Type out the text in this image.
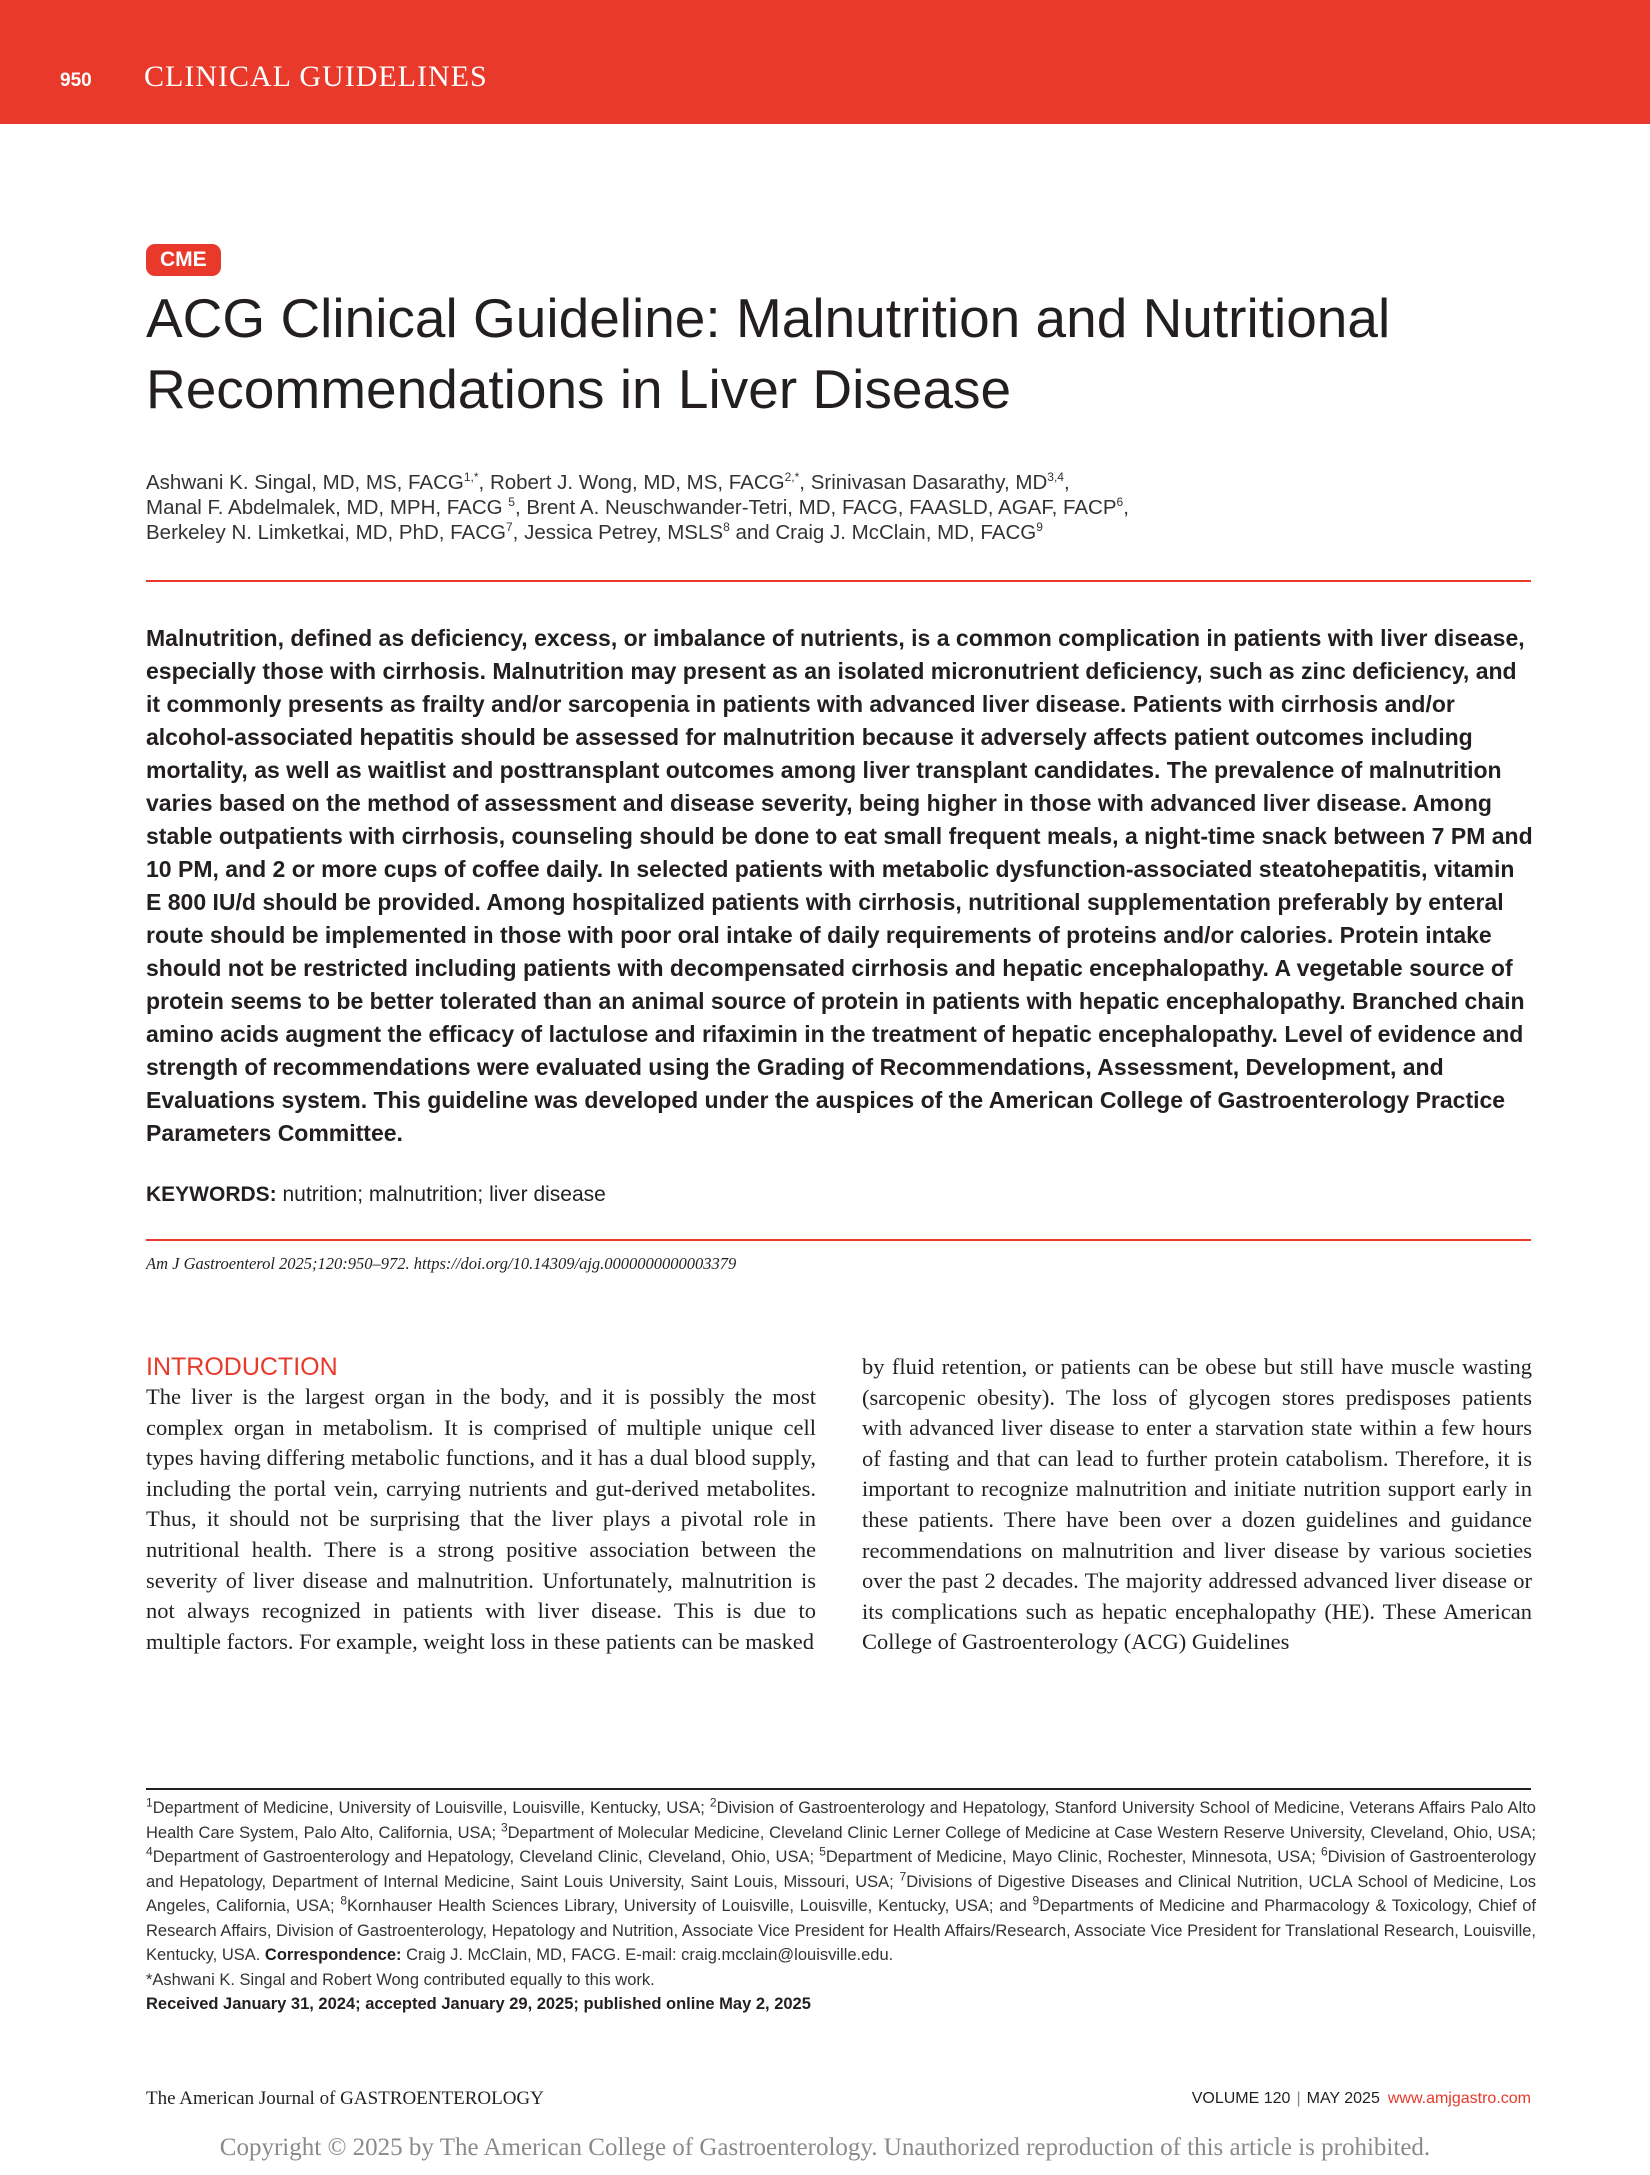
950 CLINICAL GUIDELINES
CME
ACG Clinical Guideline: Malnutrition and Nutritional
Recommendations in Liver Disease
Ashwani K. Singal, MD, MS, $FACG^{1,*}$, Robert J. Wong, MD, MS, $FACG^{2,*}$, Srinivasan Dasarathy, MD$^{3,4}$,
Manal F. Abdelmalek, MD, MPH, FACG $^5$, Brent A. Neuschwander-Tetri, MD, FACG, FAASLD, AGAF, FACP$^6$,
Berkeley N. Limketkai, MD, PhD, FACG$^7$, Jessica Petrey, MSLS$^8$ and Craig J. McClain, MD, FACG$^9$

Malnutrition, defined as deficiency, excess, or imbalance of nutrients, is a common complication in patients with liver disease, especially those with cirrhosis. Malnutrition may present as an isolated micronutrient deficiency, such as zinc deficiency, and it commonly presents as frailty and/or sarcopenia in patients with advanced liver disease. Patients with cirrhosis and/or alcohol-associated hepatitis should be assessed for malnutrition because it adversely affects patient outcomes including mortality, as well as waitlist and posttransplant outcomes among liver transplant candidates. The prevalence of malnutrition varies based on the method of assessment and disease severity, being higher in those with advanced liver disease. Among stable outpatients with cirrhosis, counseling should be done to eat small frequent meals, a night-time snack between 7 PM and 10 PM, and 2 or more cups of coffee daily. In selected patients with metabolic dysfunction-associated steatohepatitis, vitamin E 800 IU/d should be provided. Among hospitalized patients with cirrhosis, nutritional supplementation preferably by enteral route should be implemented in those with poor oral intake of daily requirements of proteins and/or calories. Protein intake should not be restricted including patients with decompensated cirrhosis and hepatic encephalopathy. A vegetable source of protein seems to be better tolerated than an animal source of protein in patients with hepatic encephalopathy. Branched chain amino acids augment the efficacy of lactulose and rifaximin in the treatment of hepatic encephalopathy. Level of evidence and strength of recommendations were evaluated using the Grading of Recommendations, Assessment, Development, and Evaluations system. This guideline was developed under the auspices of the American College of Gastroenterology Practice Parameters Committee.

KEYWORDS: nutrition; malnutrition; liver disease
Am J Gastroenterol 2025;120:950–972. https://doi.org/10.14309/ajg.0000000000003379
INTRODUCTION
The liver is the largest organ in the body, and it is possibly the most complex organ in metabolism. It is comprised of multiple unique cell types having differing metabolic functions, and it has a dual blood supply, including the portal vein, carrying nutrients and gut-derived metabolites. Thus, it should not be surprising that the liver plays a pivotal role in nutritional health. There is a strong positive association between the severity of liver disease and malnutrition. Unfortunately, malnutrition is not always recognized in patients with liver disease. This is due to multiple factors. For example, weight loss in these patients can be masked
by fluid retention, or patients can be obese but still have muscle wasting (sarcopenic obesity). The loss of glycogen stores predisposes patients with advanced liver disease to enter a starvation state within a few hours of fasting and that can lead to further protein catabolism. Therefore, it is important to recognize malnutrition and initiate nutrition support early in these patients. There have been over a dozen guidelines and guidance recommendations on malnutrition and liver disease by various societies over the past 2 decades. The majority addressed advanced liver disease or its complications such as hepatic encephalopathy (HE). These American College of Gastroenterology (ACG) Guidelines
$^1$Department of Medicine, University of Louisville, Louisville, Kentucky, USA; $^2$Division of Gastroenterology and Hepatology, Stanford University School of Medicine, Veterans Affairs Palo Alto Health Care System, Palo Alto, California, USA; $^3$Department of Molecular Medicine, Cleveland Clinic Lerner College of Medicine at Case Western Reserve University, Cleveland, Ohio, USA; $^4$Department of Gastroenterology and Hepatology, Cleveland Clinic, Cleveland, Ohio, USA; $^5$Department of Medicine, Mayo Clinic, Rochester, Minnesota, USA; $^6$Division of Gastroenterology and Hepatology, Department of Internal Medicine, Saint Louis University, Saint Louis, Missouri, USA; $^7$Divisions of Digestive Diseases and Clinical Nutrition, UCLA School of Medicine, Los Angeles, California, USA; $^8$Kornhauser Health Sciences Library, University of Louisville, Louisville, Kentucky, USA; and $^9$Departments of Medicine and Pharmacology & Toxicology, Chief of Research Affairs, Division of Gastroenterology, Hepatology and Nutrition, Associate Vice President for Health Affairs/Research, Associate Vice President for Translational Research, Louisville, Kentucky, USA. Correspondence: Craig J. McClain, MD, FACG. E-mail: craig.mcclain@louisville.edu.
*Ashwani K. Singal and Robert Wong contributed equally to this work.
Received January 31, 2024; accepted January 29, 2025; published online May 2, 2025
The American Journal of GASTROENTEROLOGY	VOLUME 120 | MAY 2025 www.amjgastro.com
Copyright © 2025 by The American College of Gastroenterology. Unauthorized reproduction of this article is prohibited.
